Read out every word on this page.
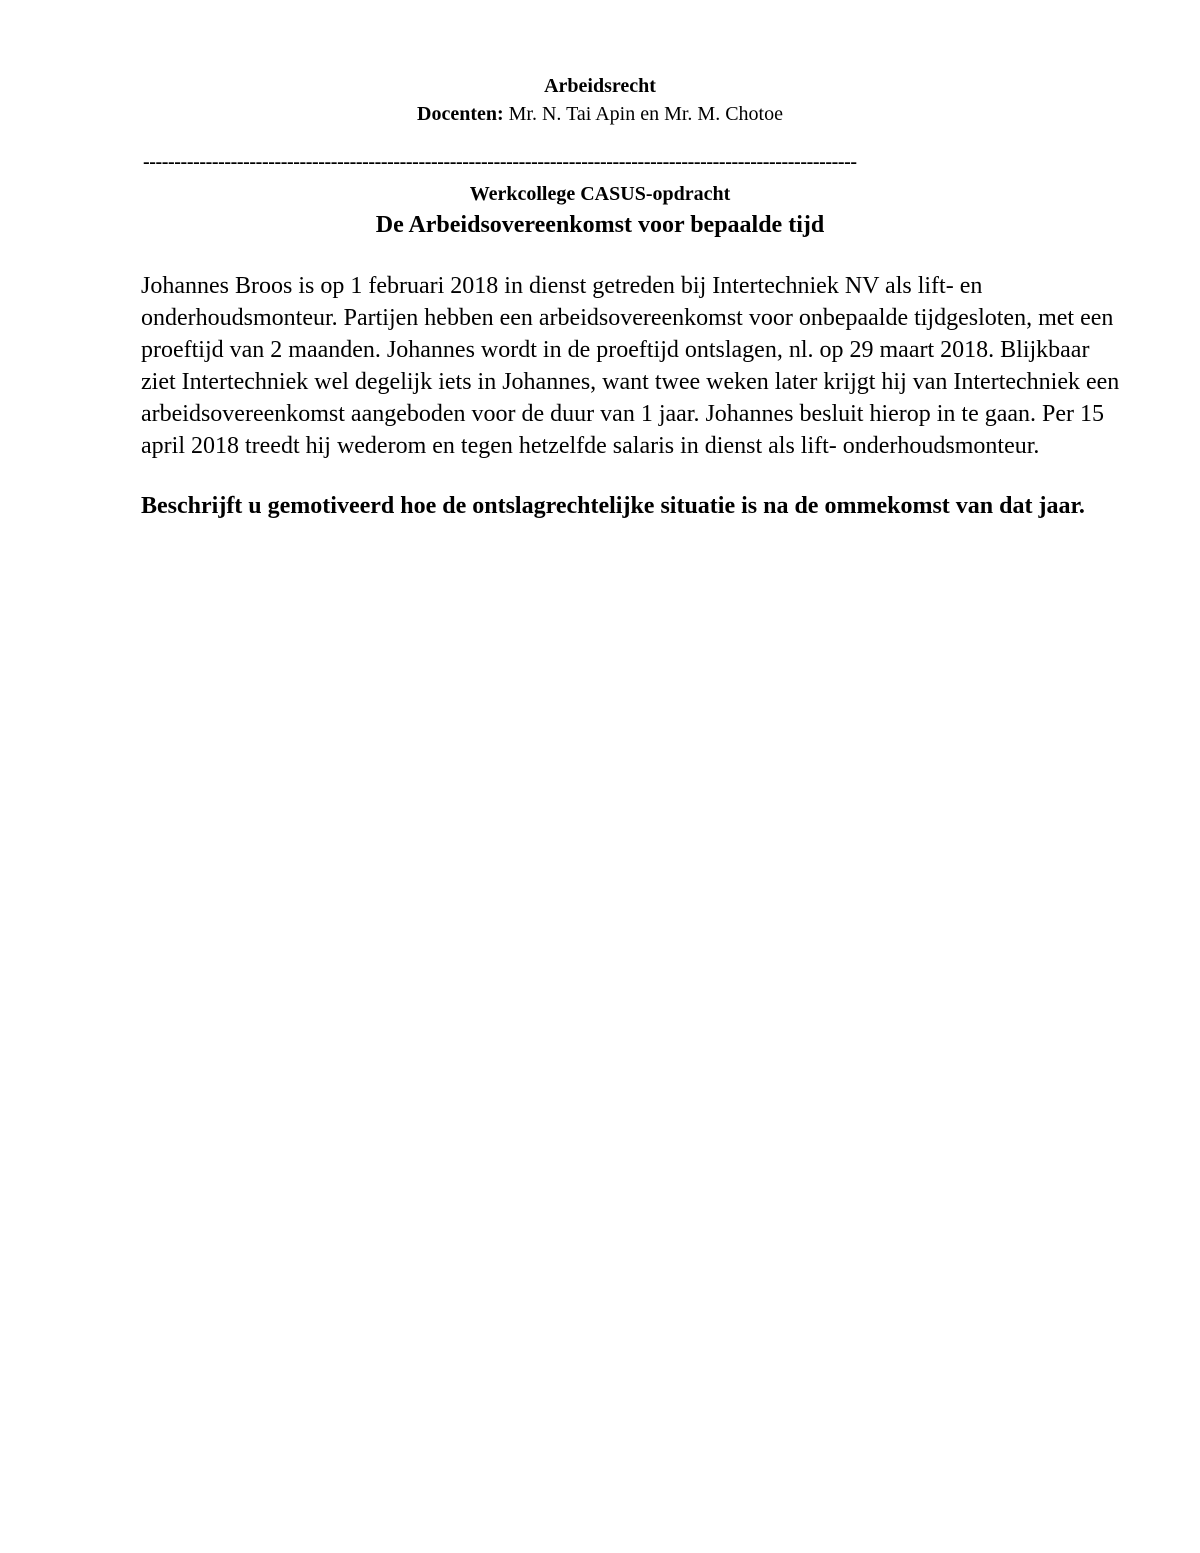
Arbeidsrecht
Docenten: Mr. N. Tai Apin en Mr. M. Chotoe
------------------------------------------------------------------------------------------------------------------
Werkcollege CASUS-opdracht
De Arbeidsovereenkomst voor bepaalde tijd
Johannes Broos is op 1 februari 2018 in dienst getreden bij Intertechniek NV als lift- en onderhoudsmonteur. Partijen hebben een arbeidsovereenkomst voor onbepaalde tijdgesloten, met een proeftijd van 2 maanden. Johannes wordt in de proeftijd ontslagen, nl. op 29 maart 2018. Blijkbaar ziet Intertechniek wel degelijk iets in Johannes, want twee weken later krijgt hij van Intertechniek een arbeidsovereenkomst aangeboden voor de duur van 1 jaar. Johannes besluit hierop in te gaan. Per 15 april 2018 treedt hij wederom en tegen hetzelfde salaris in dienst als lift- onderhoudsmonteur.
Beschrijft u gemotiveerd hoe de ontslagrechtelijke situatie is na de ommekomst van dat jaar.
